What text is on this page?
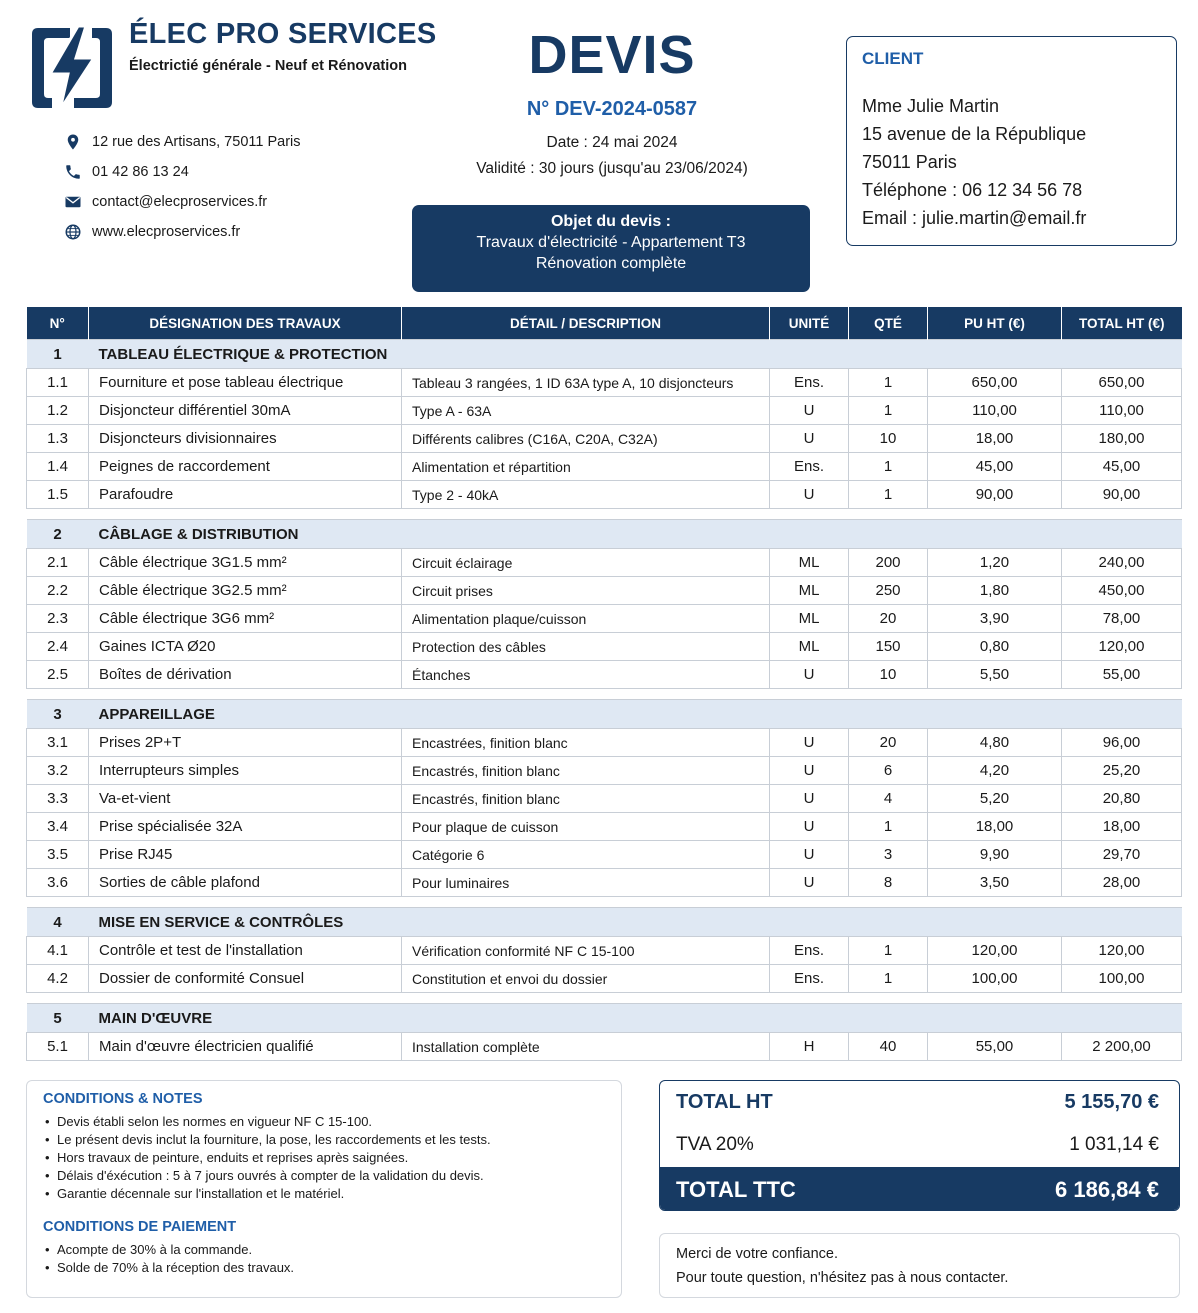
ÉLEC PRO SERVICES
Électrictié générale - Neuf et Rénovation
12 rue des Artisans, 75011 Paris
01 42 86 13 24
contact@elecproservices.fr
www.elecproservices.fr
DEVIS
N° DEV-2024-0587
Date : 24 mai 2024
Validité : 30 jours (jusqu'au 23/06/2024)
Objet du devis :
Travaux d'électricité - Appartement T3
Rénovation complète
CLIENT
Mme Julie Martin
15 avenue de la République
75011 Paris
Téléphone : 06 12 34 56 78
Email : julie.martin@email.fr
N°	DÉSIGNATION DES TRAVAUX	DÉTAIL / DESCRIPTION	UNITÉ	QTÉ	PU HT (€)	TOTAL HT (€)
1	TABLEAU ÉLECTRIQUE & PROTECTION					
1.1	Fourniture et pose tableau électrique	Tableau 3 rangées, 1 ID 63A type A, 10 disjoncteurs	Ens.	1	650,00	650,00
1.2	Disjoncteur différentiel 30mA	Type A - 63A	U	1	110,00	110,00
1.3	Disjoncteurs divisionnaires	Différents calibres (C16A, C20A, C32A)	U	10	18,00	180,00
1.4	Peignes de raccordement	Alimentation et répartition	Ens.	1	45,00	45,00
1.5	Parafoudre	Type 2 - 40kA	U	1	90,00	90,00

2	CÂBLAGE & DISTRIBUTION					
2.1	Câble électrique 3G1.5 mm²	Circuit éclairage	ML	200	1,20	240,00
2.2	Câble électrique 3G2.5 mm²	Circuit prises	ML	250	1,80	450,00
2.3	Câble électrique 3G6 mm²	Alimentation plaque/cuisson	ML	20	3,90	78,00
2.4	Gaines ICTA Ø20	Protection des câbles	ML	150	0,80	120,00
2.5	Boîtes de dérivation	Étanches	U	10	5,50	55,00

3	APPAREILLAGE					
3.1	Prises 2P+T	Encastrées, finition blanc	U	20	4,80	96,00
3.2	Interrupteurs simples	Encastrés, finition blanc	U	6	4,20	25,20
3.3	Va-et-vient	Encastrés, finition blanc	U	4	5,20	20,80
3.4	Prise spécialisée 32A	Pour plaque de cuisson	U	1	18,00	18,00
3.5	Prise RJ45	Catégorie 6	U	3	9,90	29,70
3.6	Sorties de câble plafond	Pour luminaires	U	8	3,50	28,00

4	MISE EN SERVICE & CONTRÔLES					
4.1	Contrôle et test de l'installation	Vérification conformité NF C 15-100	Ens.	1	120,00	120,00
4.2	Dossier de conformité Consuel	Constitution et envoi du dossier	Ens.	1	100,00	100,00

5	MAIN D'ŒUVRE					
5.1	Main d'œuvre électricien qualifié	Installation complète	H	40	55,00	2 200,00
CONDITIONS & NOTES
• Devis établi selon les normes en vigueur NF C 15-100.
• Le présent devis inclut la fourniture, la pose, les raccordements et les tests.
• Hors travaux de peinture, enduits et reprises après saignées.
• Délais d'éxécution : 5 à 7 jours ouvrés à compter de la validation du devis.
• Garantie décennale sur l'installation et le matériel.
CONDITIONS DE PAIEMENT
• Acompte de 30% à la commande.
• Solde de 70% à la réception des travaux.
TOTAL HT	5 155,70 €
TVA 20%	1 031,14 €
TOTAL TTC	6 186,84 €
Merci de votre confiance.
Pour toute question, n'hésitez pas à nous contacter.
